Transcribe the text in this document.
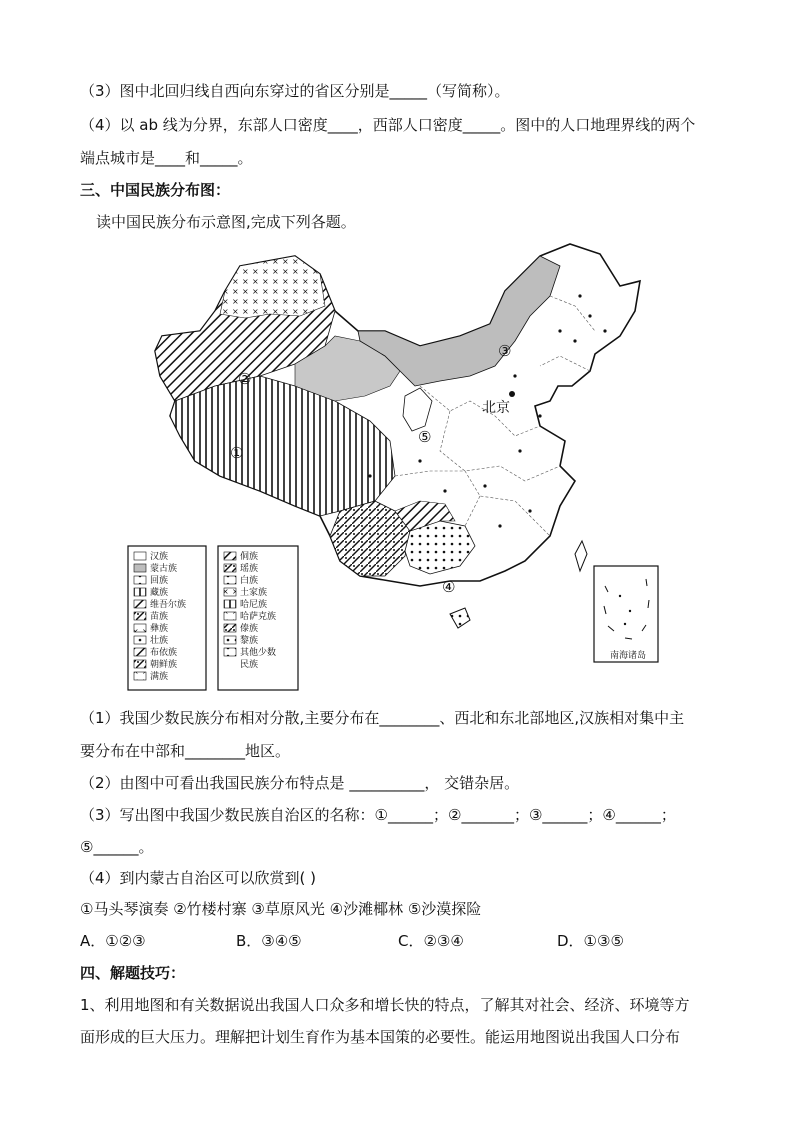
（3）图中北回归线自西向东穿过的省区分别是_____（写简称）。
（4）以 ab 线为分界，东部人口密度____，西部人口密度_____。图中的人口地理界线的两个
端点城市是____和_____。
三、中国民族分布图：
读中国民族分布示意图,完成下列各题。
北京
①
②
③
④
⑤
南海诸岛
汉族
蒙古族
回族
藏族
维吾尔族
苗族
彝族
壮族
布依族
朝鲜族
满族
侗族
瑶族
白族
土家族
哈尼族
哈萨克族
傣族
黎族
其他少数
民族
（1）我国少数民族分布相对分散,主要分布在________、西北和东北部地区,汉族相对集中主
要分布在中部和________地区。
（2）由图中可看出我国民族分布特点是 __________， 交错杂居。
（3）写出图中我国少数民族自治区的名称：①______；②_______；③______；④______；
⑤______。
（4）到内蒙古自治区可以欣赏到( )
①马头琴演奏 ②竹楼村寨 ③草原风光 ④沙滩椰林 ⑤沙漠探险
A．①②③	B．③④⑤	C．②③④	D．①③⑤
四、解题技巧：
1、利用地图和有关数据说出我国人口众多和增长快的特点，了解其对社会、经济、环境等方
面形成的巨大压力。理解把计划生育作为基本国策的必要性。能运用地图说出我国人口分布
